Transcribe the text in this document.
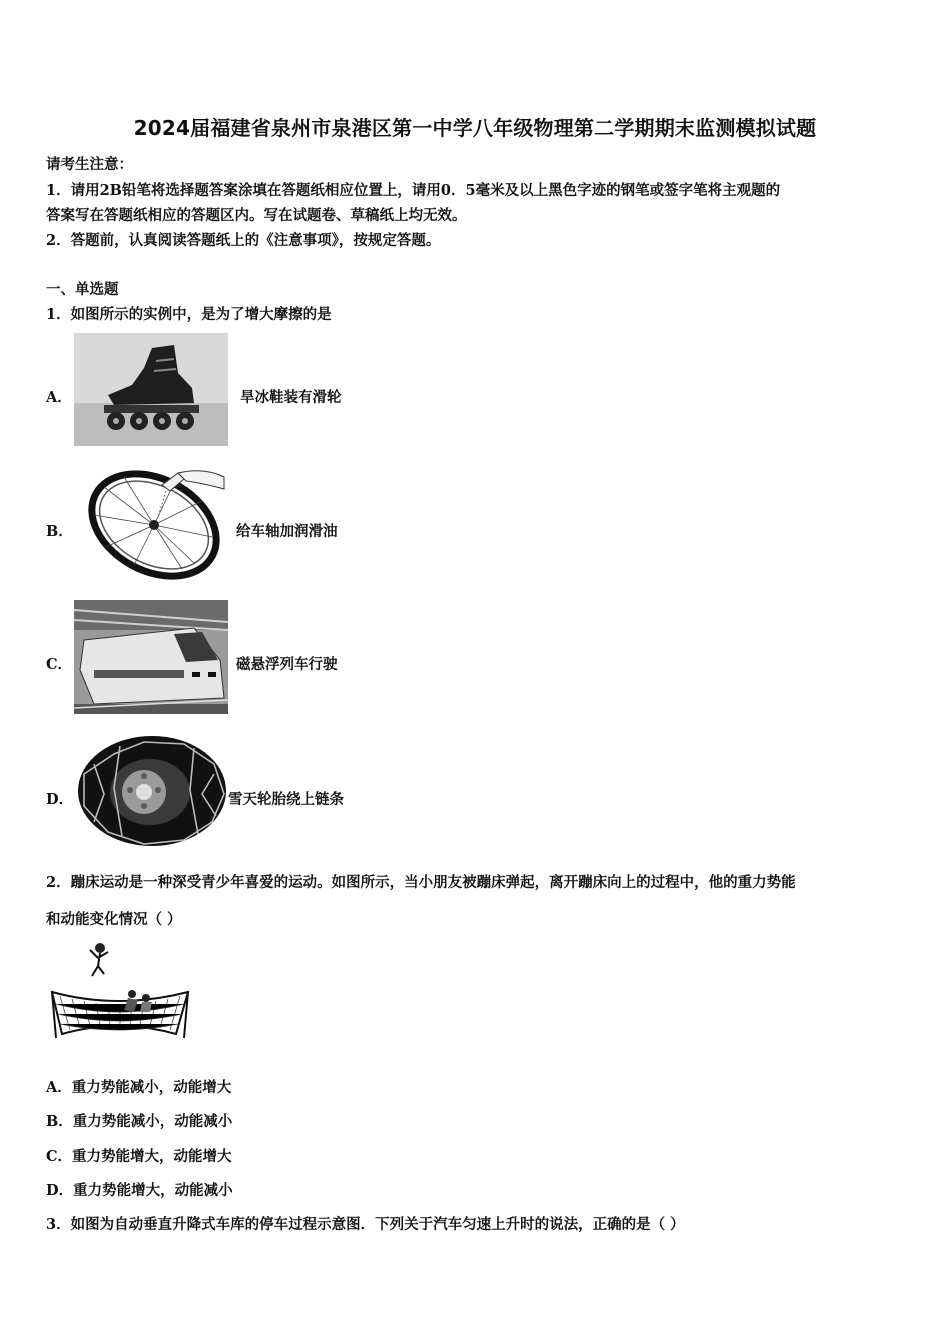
2024届福建省泉州市泉港区第一中学八年级物理第二学期期末监测模拟试题
请考生注意：
1．请用2B铅笔将选择题答案涂填在答题纸相应位置上，请用0．5毫米及以上黑色字迹的钢笔或签字笔将主观题的
答案写在答题纸相应的答题区内。写在试题卷、草稿纸上均无效。
2．答题前，认真阅读答题纸上的《注意事项》，按规定答题。
一、单选题
1．如图所示的实例中，是为了增大摩擦的是
A．	旱冰鞋装有滑轮
B．	给车轴加润滑油
C．	磁悬浮列车行驶
D．	雪天轮胎绕上链条
2．蹦床运动是一种深受青少年喜爱的运动。如图所示，当小朋友被蹦床弹起，离开蹦床向上的过程中，他的重力势能
和动能变化情况（ ）
A．重力势能减小，动能增大
B．重力势能减小，动能减小
C．重力势能增大，动能增大
D．重力势能增大，动能减小
3．如图为自动垂直升降式车库的停车过程示意图．下列关于汽车匀速上升时的说法，正确的是（ ）
